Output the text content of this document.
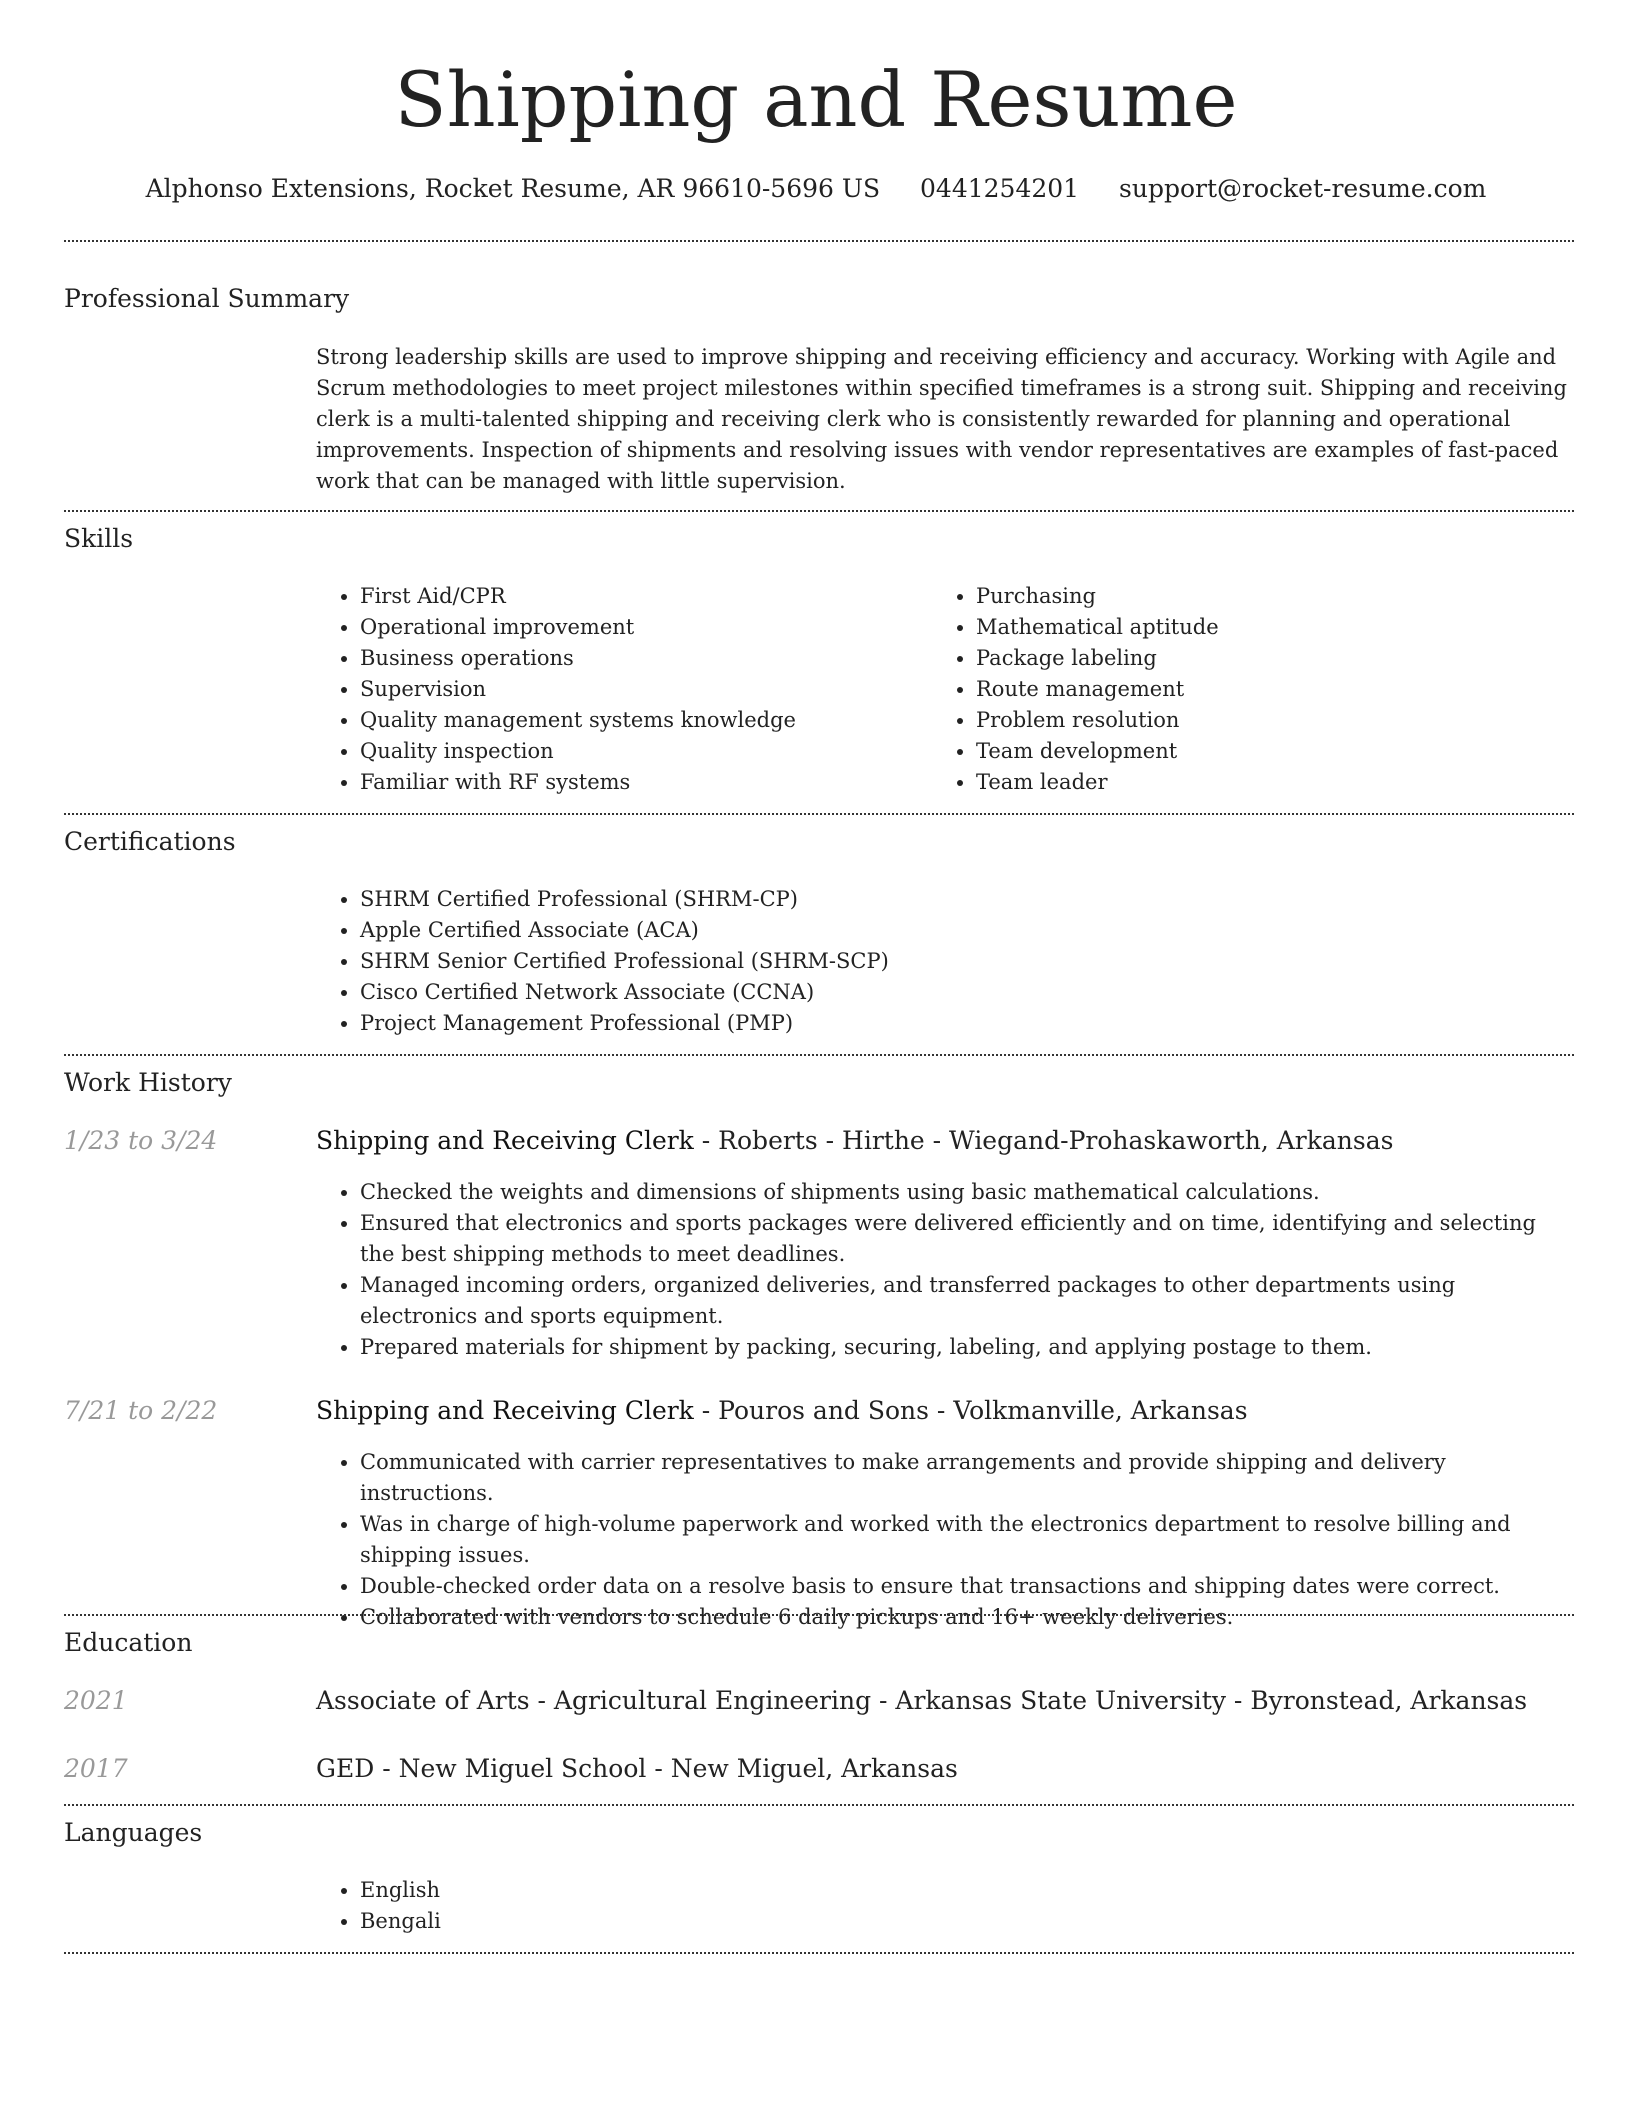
Shipping and Resume
Alphonso Extensions, Rocket Resume, AR 96610-5696 US 0441254201 support@rocket-resume.com
Professional Summary
Strong leadership skills are used to improve shipping and receiving efficiency and accuracy. Working with Agile and Scrum methodologies to meet project milestones within specified timeframes is a strong suit. Shipping and receiving clerk is a multi-talented shipping and receiving clerk who is consistently rewarded for planning and operational improvements. Inspection of shipments and resolving issues with vendor representatives are examples of fast-paced work that can be managed with little supervision.
Skills
• First Aid/CPR
• Operational improvement
• Business operations
• Supervision
• Quality management systems knowledge
• Quality inspection
• Familiar with RF systems
• Purchasing
• Mathematical aptitude
• Package labeling
• Route management
• Problem resolution
• Team development
• Team leader
Certifications
• SHRM Certified Professional (SHRM-CP)
• Apple Certified Associate (ACA)
• SHRM Senior Certified Professional (SHRM-SCP)
• Cisco Certified Network Associate (CCNA)
• Project Management Professional (PMP)
Work History
1/23 to 3/24	Shipping and Receiving Clerk - Roberts - Hirthe - Wiegand-Prohaskaworth, Arkansas
• Checked the weights and dimensions of shipments using basic mathematical calculations.
• Ensured that electronics and sports packages were delivered efficiently and on time, identifying and selecting the best shipping methods to meet deadlines.
• Managed incoming orders, organized deliveries, and transferred packages to other departments using electronics and sports equipment.
• Prepared materials for shipment by packing, securing, labeling, and applying postage to them.
7/21 to 2/22	Shipping and Receiving Clerk - Pouros and Sons - Volkmanville, Arkansas
• Communicated with carrier representatives to make arrangements and provide shipping and delivery instructions.
• Was in charge of high-volume paperwork and worked with the electronics department to resolve billing and shipping issues.
• Double-checked order data on a resolve basis to ensure that transactions and shipping dates were correct.
• Collaborated with vendors to schedule 6 daily pickups and 16+ weekly deliveries.
Education
2021	Associate of Arts - Agricultural Engineering - Arkansas State University - Byronstead, Arkansas
2017	GED - New Miguel School - New Miguel, Arkansas
Languages
• English
• Bengali
